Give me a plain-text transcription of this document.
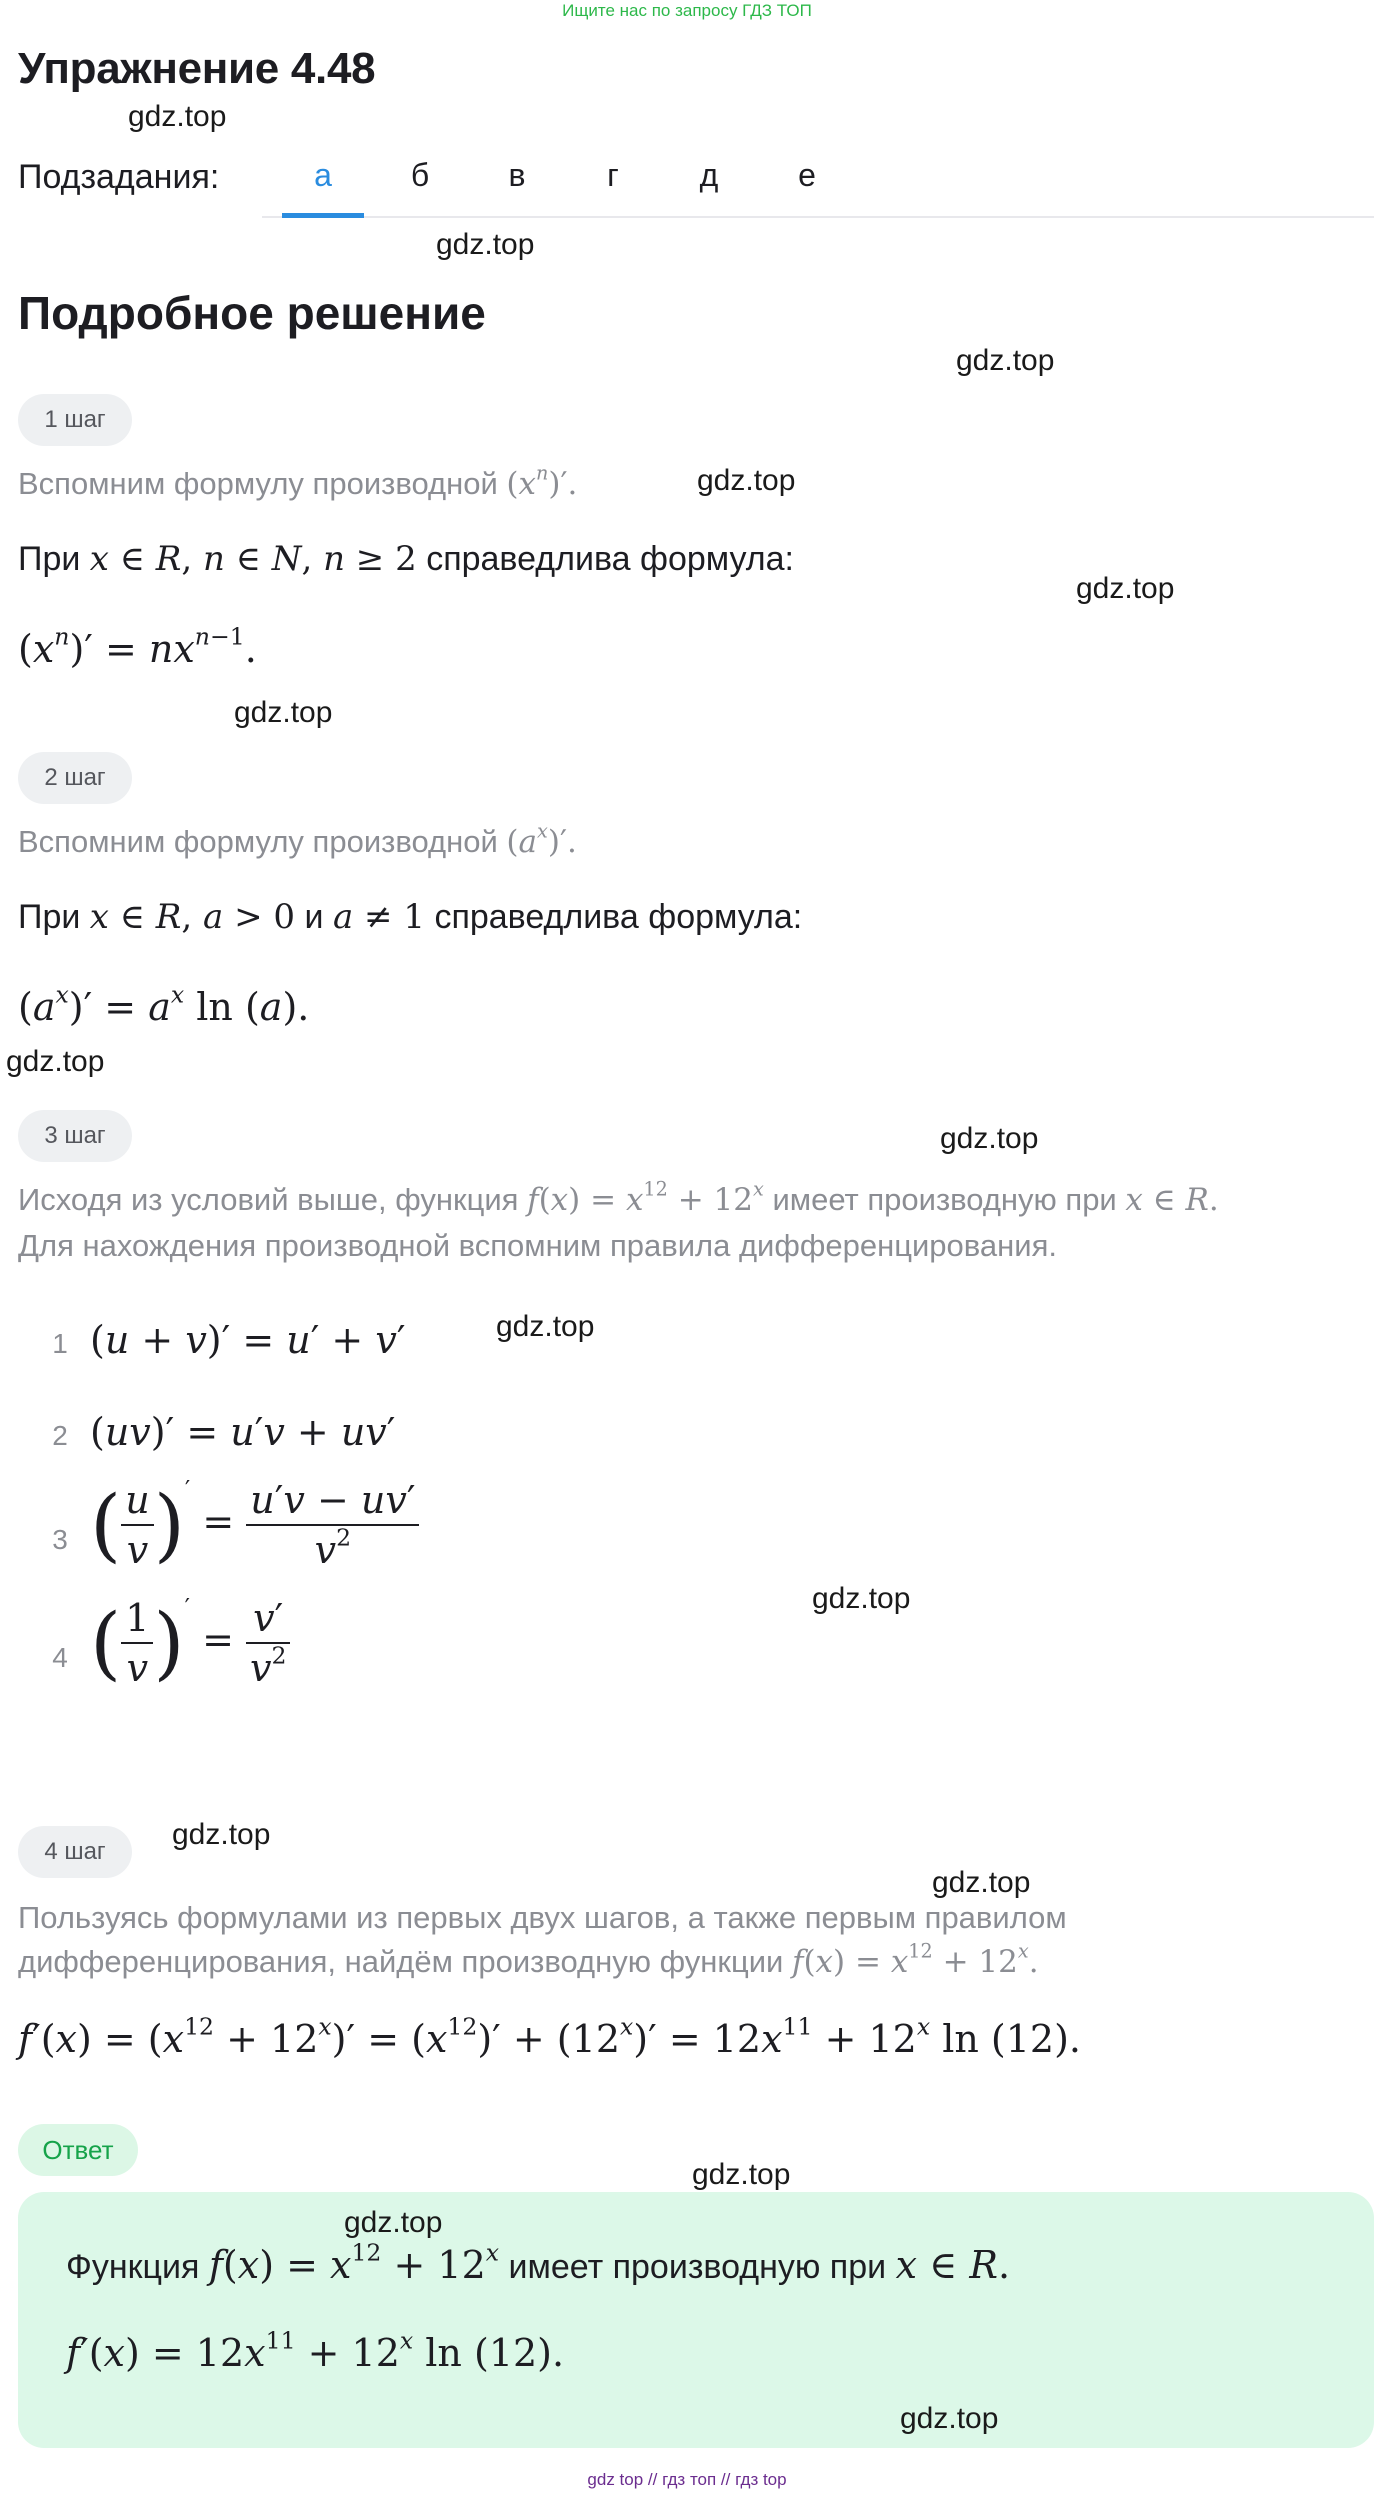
Ищите нас по запросу ГДЗ ТОП
Упражнение 4.48
Подзадания:	а	б	в	г	д	е
Подробное решение
1 шаг
Вспомним формулу производной $(x^n)'$.
При x ∈ R, n ∈ N, n ≥ 2 справедлива формула:
$(x^n)' = nx^{n-1}$.
2 шаг
Вспомним формулу производной $(a^x)'$.
При x ∈ R, a > 0 и a ≠ 1 справедлива формула:
$(a^x)' = a^x$ ln (a).
3 шаг
Исходя из условий выше, функция $f(x) = x^{12} + 12^x$ имеет производную при x ∈ R.
Для нахождения производной вспомним правила дифференцирования.
1 (u + v)′ = u′ + v′
2 (uv)′ = u′v + uv′
3 ( $\frac{u}{v} )' = \frac{u'v - uv'}{v^2}$
4 ( $\frac{1}{v} )' = \frac{v'}{v^2}$
4 шаг
Пользуясь формулами из первых двух шагов, а также первым правилом
дифференцирования, найдём производную функции $f(x) = x^{12} + 12^x$.
$f'(x) = (x^{12} + 12^x)' = (x^{12})' + (12^x)' = 12x^{11} + 12^x$ ln (12).
Ответ
Функция $f(x) = x^{12} + 12^x$ имеет производную при x ∈ R.
$f'(x) = 12x^{11} + 12^x$ ln (12).
gdz.top
gdz.top
gdz.top
gdz.top
gdz.top
gdz.top
gdz.top
gdz.top
gdz.top
gdz.top
gdz.top
gdz.top
gdz.top
gdz.top
gdz.top
gdz top // гдз топ // гдз top
